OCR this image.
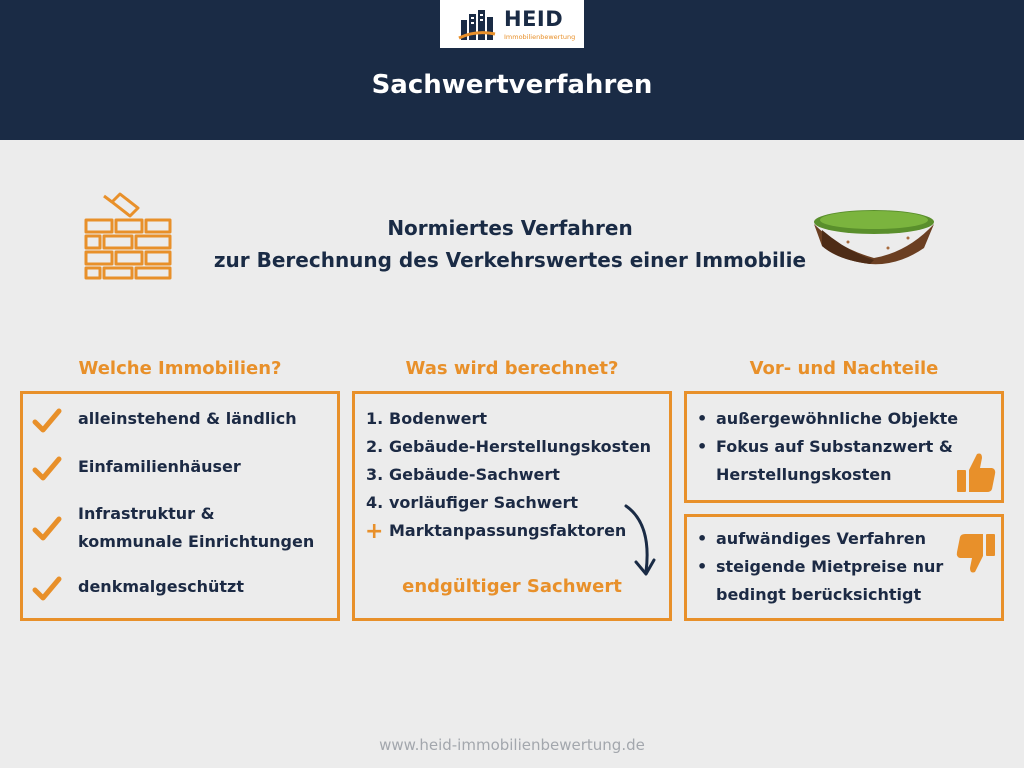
HEID
Immobilienbewertung
Sachwertverfahren
Normiertes Verfahren
zur Berechnung des Verkehrswertes einer Immobilie
Welche Immobilien?	Was wird berechnet?	Vor- und Nachteile
alleinstehend & ländlich
Einfamilienhäuser
Infrastruktur &
kommunale Einrichtungen
denkmalgeschützt
1. Bodenwert
2. Gebäude-Herstellungskosten
3. Gebäude-Sachwert
4. vorläufiger Sachwert
+ Marktanpassungsfaktoren
endgültiger Sachwert
• außergewöhnliche Objekte
• Fokus auf Substanzwert &
Herstellungskosten
• aufwändiges Verfahren
• steigende Mietpreise nur
bedingt berücksichtigt
www.heid-immobilienbewertung.de
